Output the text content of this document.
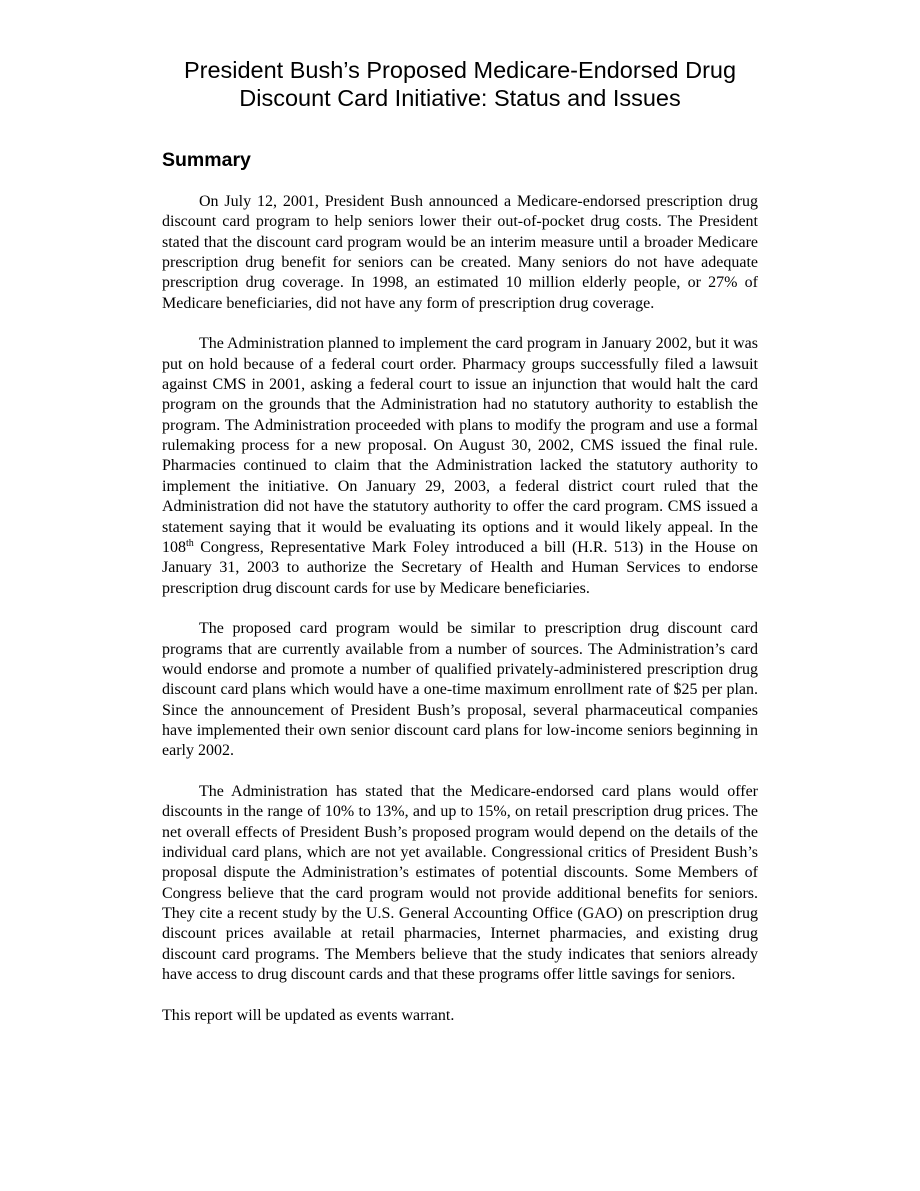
President Bush’s Proposed Medicare-Endorsed Drug
Discount Card Initiative: Status and Issues
Summary

On July 12, 2001, President Bush announced a Medicare-endorsed prescription drug discount card program to help seniors lower their out-of-pocket drug costs. The President stated that the discount card program would be an interim measure until a broader Medicare prescription drug benefit for seniors can be created. Many seniors do not have adequate prescription drug coverage. In 1998, an estimated 10 million elderly people, or 27% of Medicare beneficiaries, did not have any form of prescription drug coverage.

The Administration planned to implement the card program in January 2002, but it was put on hold because of a federal court order. Pharmacy groups successfully filed a lawsuit against CMS in 2001, asking a federal court to issue an injunction that would halt the card program on the grounds that the Administration had no statutory authority to establish the program. The Administration proceeded with plans to modify the program and use a formal rulemaking process for a new proposal. On August 30, 2002, CMS issued the final rule. Pharmacies continued to claim that the Administration lacked the statutory authority to implement the initiative. On January 29, 2003, a federal district court ruled that the Administration did not have the statutory authority to offer the card program. CMS issued a statement saying that it would be evaluating its options and it would likely appeal. In the 108th Congress, Representative Mark Foley introduced a bill (H.R. 513) in the House on January 31, 2003 to authorize the Secretary of Health and Human Services to endorse prescription drug discount cards for use by Medicare beneficiaries.

The proposed card program would be similar to prescription drug discount card programs that are currently available from a number of sources. The Administration’s card would endorse and promote a number of qualified privately-administered prescription drug discount card plans which would have a one-time maximum enrollment rate of $25 per plan. Since the announcement of President Bush’s proposal, several pharmaceutical companies have implemented their own senior discount card plans for low-income seniors beginning in early 2002.

The Administration has stated that the Medicare-endorsed card plans would offer discounts in the range of 10% to 13%, and up to 15%, on retail prescription drug prices. The net overall effects of President Bush’s proposed program would depend on the details of the individual card plans, which are not yet available. Congressional critics of President Bush’s proposal dispute the Administration’s estimates of potential discounts. Some Members of Congress believe that the card program would not provide additional benefits for seniors. They cite a recent study by the U.S. General Accounting Office (GAO) on prescription drug discount prices available at retail pharmacies, Internet pharmacies, and existing drug discount card programs. The Members believe that the study indicates that seniors already have access to drug discount cards and that these programs offer little savings for seniors.

This report will be updated as events warrant.
